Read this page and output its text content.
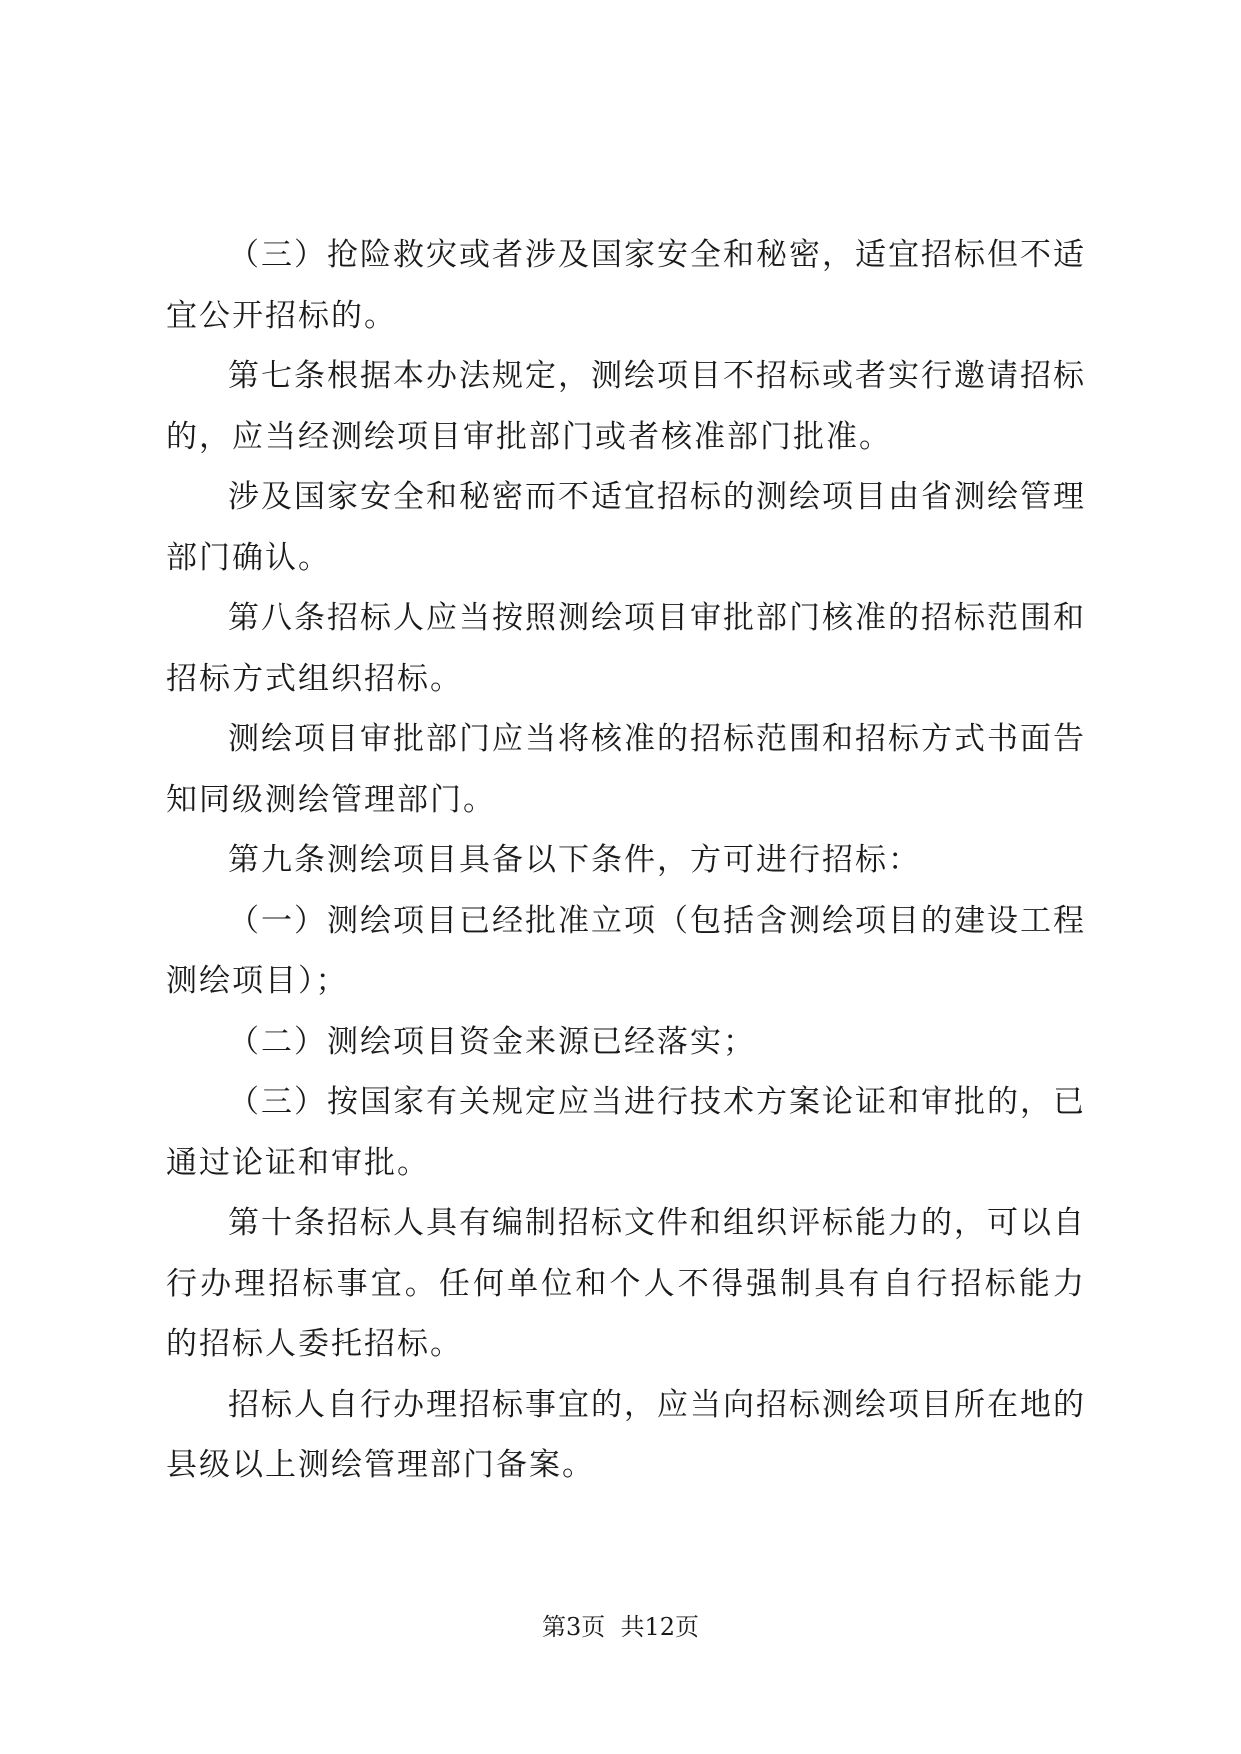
（三）抢险救灾或者涉及国家安全和秘密，适宜招标但不适宜公开招标的。

第七条根据本办法规定，测绘项目不招标或者实行邀请招标的，应当经测绘项目审批部门或者核准部门批准。

涉及国家安全和秘密而不适宜招标的测绘项目由省测绘管理部门确认。

第八条招标人应当按照测绘项目审批部门核准的招标范围和招标方式组织招标。

测绘项目审批部门应当将核准的招标范围和招标方式书面告知同级测绘管理部门。

第九条测绘项目具备以下条件，方可进行招标：

（一）测绘项目已经批准立项（包括含测绘项目的建设工程测绘项目）；

（二）测绘项目资金来源已经落实；

（三）按国家有关规定应当进行技术方案论证和审批的，已通过论证和审批。

第十条招标人具有编制招标文件和组织评标能力的，可以自行办理招标事宜。任何单位和个人不得强制具有自行招标能力的招标人委托招标。

招标人自行办理招标事宜的，应当向招标测绘项目所在地的县级以上测绘管理部门备案。

第3页  共12页
